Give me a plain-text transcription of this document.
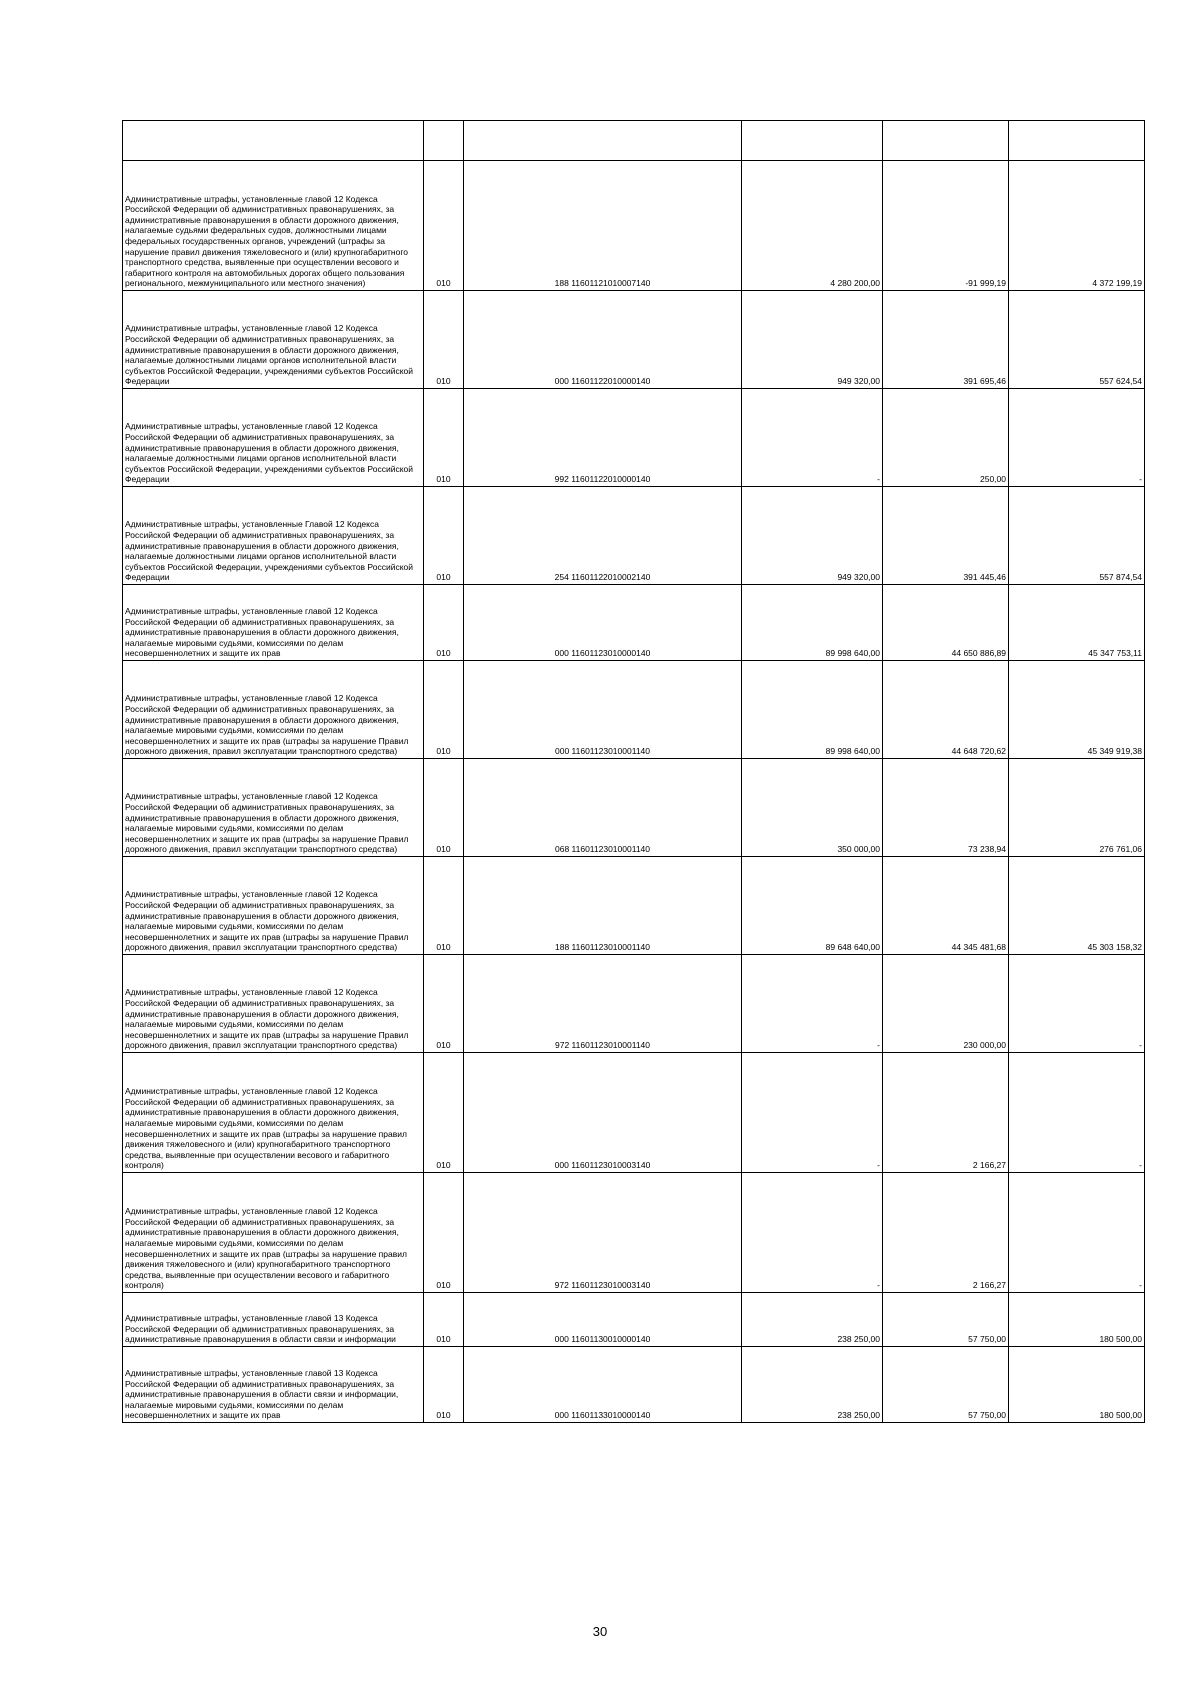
Административные штрафы, установленные главой 12 Кодекса Российской Федерации об административных правонарушениях, за административные правонарушения в области дорожного движения, налагаемые судьями федеральных судов, должностными лицами федеральных государственных органов, учреждений (штрафы за нарушение правил движения тяжеловесного и (или) крупногабаритного транспортного средства, выявленные при осуществлении весового и габаритного контроля на автомобильных дорогах общего пользования регионального, межмуниципального или местного значения)	010	188 11601121010007140	4 280 200,00	-91 999,19	4 372 199,19
Административные штрафы, установленные главой 12 Кодекса Российской Федерации об административных правонарушениях, за административные правонарушения в области дорожного движения, налагаемые должностными лицами органов исполнительной власти субъектов Российской Федерации, учреждениями субъектов Российской Федерации	010	000 11601122010000140	949 320,00	391 695,46	557 624,54
Административные штрафы, установленные главой 12 Кодекса Российской Федерации об административных правонарушениях, за административные правонарушения в области дорожного движения, налагаемые должностными лицами органов исполнительной власти субъектов Российской Федерации, учреждениями субъектов Российской Федерации	010	992 11601122010000140	-	250,00	-
Административные штрафы, установленные Главой 12 Кодекса Российской Федерации об административных правонарушениях, за административные правонарушения в области дорожного движения, налагаемые должностными лицами органов исполнительной власти субъектов Российской Федерации, учреждениями субъектов Российской Федерации	010	254 11601122010002140	949 320,00	391 445,46	557 874,54
Административные штрафы, установленные главой 12 Кодекса Российской Федерации об административных правонарушениях, за административные правонарушения в области дорожного движения, налагаемые мировыми судьями, комиссиями по делам несовершеннолетних и защите их прав	010	000 11601123010000140	89 998 640,00	44 650 886,89	45 347 753,11
Административные штрафы, установленные главой 12 Кодекса Российской Федерации об административных правонарушениях, за административные правонарушения в области дорожного движения, налагаемые мировыми судьями, комиссиями по делам несовершеннолетних и защите их прав (штрафы за нарушение Правил дорожного движения, правил эксплуатации транспортного средства)	010	000 11601123010001140	89 998 640,00	44 648 720,62	45 349 919,38
Административные штрафы, установленные главой 12 Кодекса Российской Федерации об административных правонарушениях, за административные правонарушения в области дорожного движения, налагаемые мировыми судьями, комиссиями по делам несовершеннолетних и защите их прав (штрафы за нарушение Правил дорожного движения, правил эксплуатации транспортного средства)	010	068 11601123010001140	350 000,00	73 238,94	276 761,06
Административные штрафы, установленные главой 12 Кодекса Российской Федерации об административных правонарушениях, за административные правонарушения в области дорожного движения, налагаемые мировыми судьями, комиссиями по делам несовершеннолетних и защите их прав (штрафы за нарушение Правил дорожного движения, правил эксплуатации транспортного средства)	010	188 11601123010001140	89 648 640,00	44 345 481,68	45 303 158,32
Административные штрафы, установленные главой 12 Кодекса Российской Федерации об административных правонарушениях, за административные правонарушения в области дорожного движения, налагаемые мировыми судьями, комиссиями по делам несовершеннолетних и защите их прав (штрафы за нарушение Правил дорожного движения, правил эксплуатации транспортного средства)	010	972 11601123010001140	-	230 000,00	-
Административные штрафы, установленные главой 12 Кодекса Российской Федерации об административных правонарушениях, за административные правонарушения в области дорожного движения, налагаемые мировыми судьями, комиссиями по делам несовершеннолетних и защите их прав (штрафы за нарушение правил движения тяжеловесного и (или) крупногабаритного транспортного средства, выявленные при осуществлении весового и габаритного контроля)	010	000 11601123010003140	-	2 166,27	-
Административные штрафы, установленные главой 12 Кодекса Российской Федерации об административных правонарушениях, за административные правонарушения в области дорожного движения, налагаемые мировыми судьями, комиссиями по делам несовершеннолетних и защите их прав (штрафы за нарушение правил движения тяжеловесного и (или) крупногабаритного транспортного средства, выявленные при осуществлении весового и габаритного контроля)	010	972 11601123010003140	-	2 166,27	-
Административные штрафы, установленные главой 13 Кодекса Российской Федерации об административных правонарушениях, за административные правонарушения в области связи и информации	010	000 11601130010000140	238 250,00	57 750,00	180 500,00
Административные штрафы, установленные главой 13 Кодекса Российской Федерации об административных правонарушениях, за административные правонарушения в области связи и информации, налагаемые мировыми судьями, комиссиями по делам несовершеннолетних и защите их прав	010	000 11601133010000140	238 250,00	57 750,00	180 500,00
30
